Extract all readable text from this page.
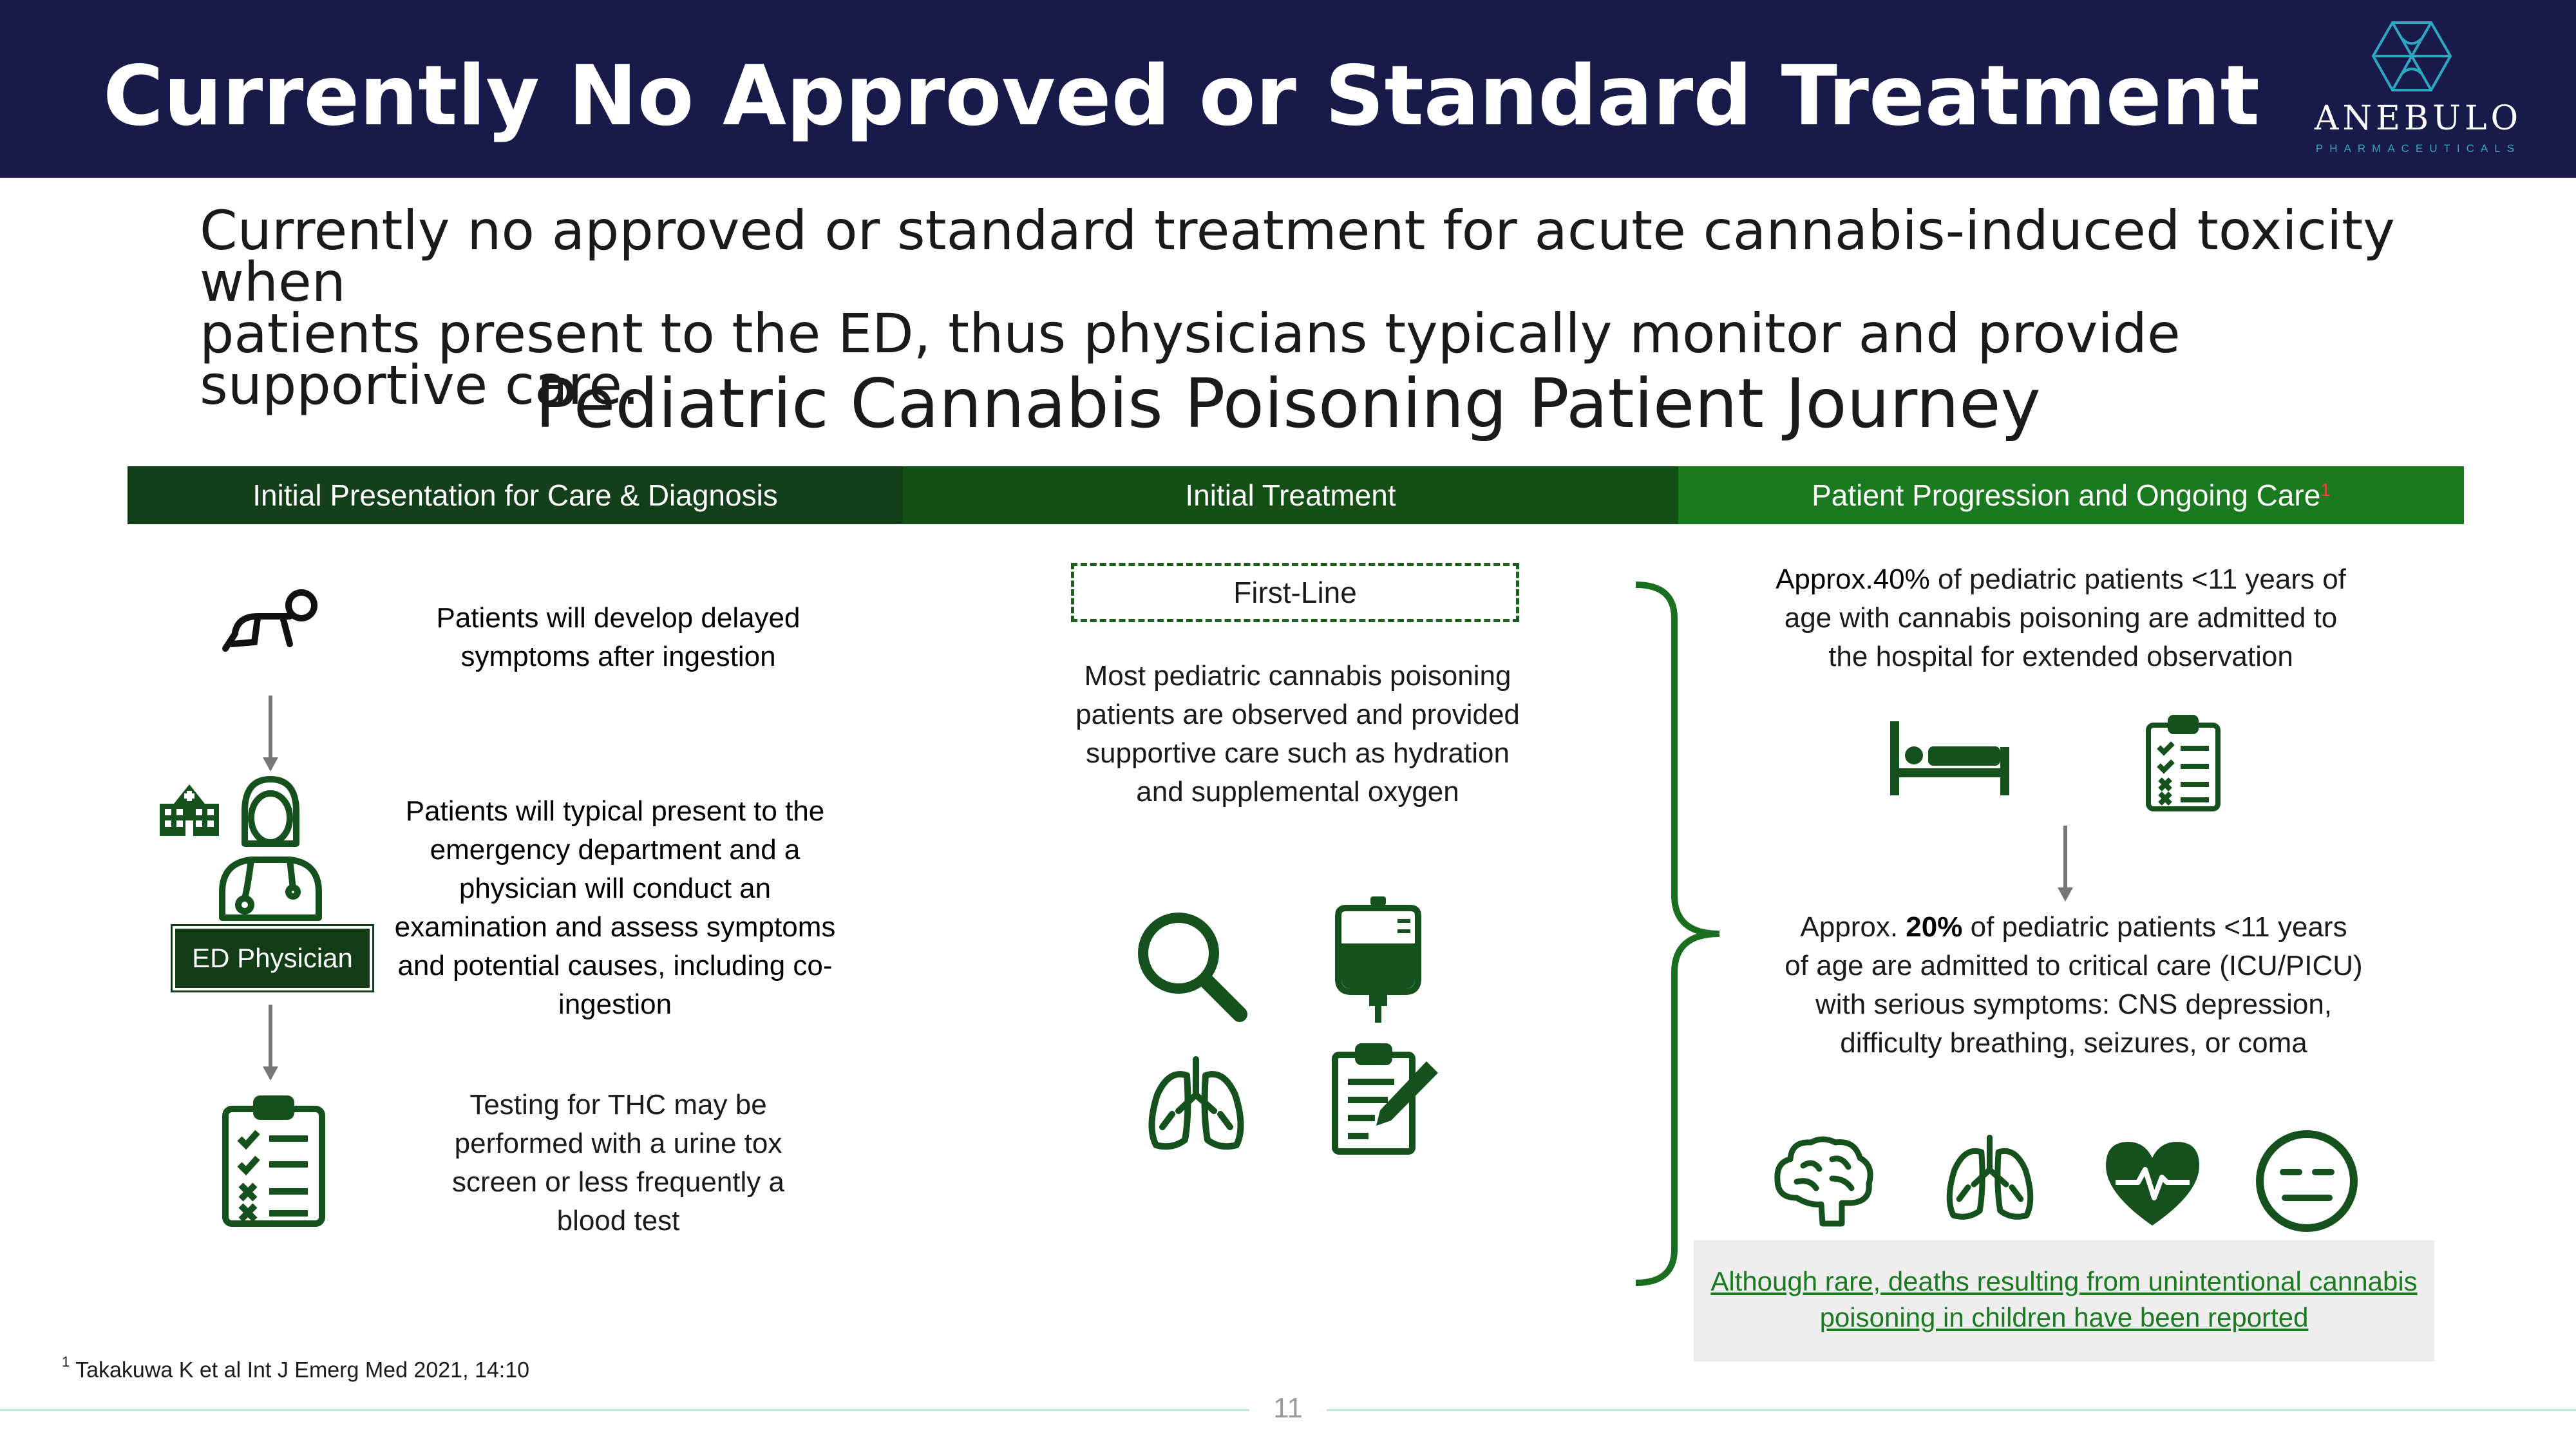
Currently No Approved or Standard Treatment	ANEBULO
PHARMACEUTICALS
Currently no approved or standard treatment for acute cannabis-induced toxicity when
patients present to the ED, thus physicians typically monitor and provide supportive care.
Pediatric Cannabis Poisoning Patient Journey
Initial Presentation for Care & Diagnosis	Initial Treatment	Patient Progression and Ongoing Care$^1$
Patients will develop delayed
symptoms after ingestion
ED Physician
Patients will typical present to the
emergency department and a
physician will conduct an
examination and assess symptoms
and potential causes, including co-
ingestion
Testing for THC may be
performed with a urine tox
screen or less frequently a
blood test
First-Line
Most pediatric cannabis poisoning
patients are observed and provided
supportive care such as hydration
and supplemental oxygen
Approx.40% of pediatric patients <11 years of
age with cannabis poisoning are admitted to
the hospital for extended observation
Approx. 20% of pediatric patients <11 years
of age are admitted to critical care (ICU/PICU)
with serious symptoms: CNS depression,
difficulty breathing, seizures, or coma
Although rare, deaths resulting from unintentional cannabis
poisoning in children have been reported
$^1$ Takakuwa K et al Int J Emerg Med 2021, 14:10
11
